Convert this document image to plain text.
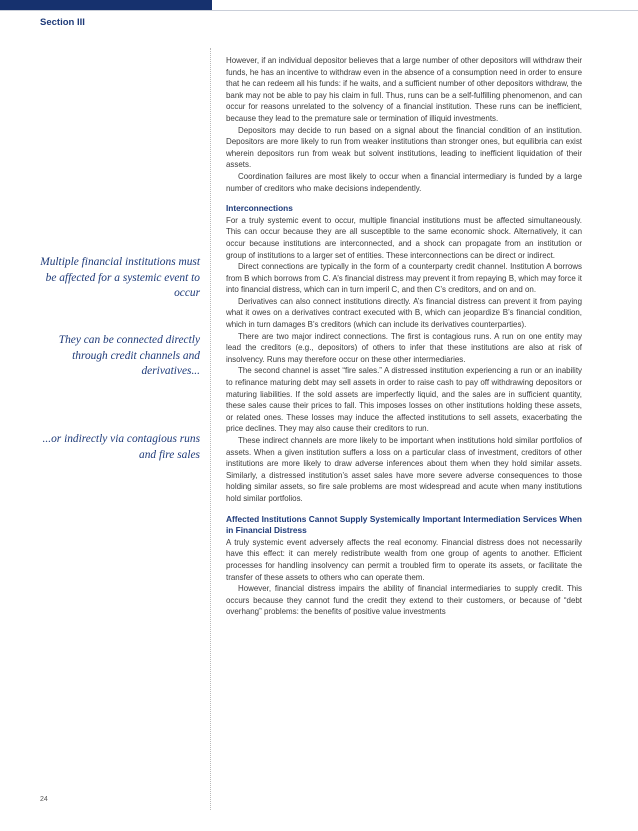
Section III
Multiple financial institutions must be affected for a systemic event to occur
They can be connected directly through credit channels and derivatives...
...or indirectly via contagious runs and fire sales

However, if an individual depositor believes that a large number of other depositors will withdraw their funds, he has an incentive to withdraw even in the absence of a consumption need in order to ensure that he can redeem all his funds: if he waits, and a sufficient number of other depositors withdraw, the bank may not be able to pay his claim in full. Thus, runs can be a self-fulfilling phenomenon, and can occur for reasons unrelated to the solvency of a financial institution. These runs can be inefficient, because they lead to the premature sale or termination of illiquid investments.

Depositors may decide to run based on a signal about the financial condition of an institution. Depositors are more likely to run from weaker institutions than stronger ones, but equilibria can exist wherein depositors run from weak but solvent institutions, leading to inefficient liquidation of their assets.

Coordination failures are most likely to occur when a financial intermediary is funded by a large number of creditors who make decisions independently.

Interconnections

For a truly systemic event to occur, multiple financial institutions must be affected simultaneously. This can occur because they are all susceptible to the same economic shock. Alternatively, it can occur because institutions are interconnected, and a shock can propagate from an institution or group of institutions to a larger set of entities. These interconnections can be direct or indirect.

Direct connections are typically in the form of a counterparty credit channel. Institution A borrows from B which borrows from C. A’s financial distress may prevent it from repaying B, which may force it into financial distress, which can in turn imperil C, and then C’s creditors, and on and on.

Derivatives can also connect institutions directly. A’s financial distress can prevent it from paying what it owes on a derivatives contract executed with B, which can jeopardize B’s financial condition, which in turn damages B’s creditors (which can include its derivatives counterparties).

There are two major indirect connections. The first is contagious runs. A run on one entity may lead the creditors (e.g., depositors) of others to infer that these institutions are also at risk of insolvency. Runs may therefore occur on these other intermediaries.

The second channel is asset “fire sales.” A distressed institution experiencing a run or an inability to refinance maturing debt may sell assets in order to raise cash to pay off withdrawing depositors or maturing liabilities. If the sold assets are imperfectly liquid, and the sales are in sufficient quantity, these sales cause their prices to fall. This imposes losses on other institutions holding these assets, or related ones. These losses may induce the affected institutions to sell assets, exacerbating the price declines. They may also cause their creditors to run.

These indirect channels are more likely to be important when institutions hold similar portfolios of assets. When a given institution suffers a loss on a particular class of investment, creditors of other institutions are more likely to draw adverse inferences about them when they hold similar assets. Similarly, a distressed institution’s asset sales have more severe adverse consequences to those holding similar assets, so fire sale problems are most widespread and acute when many institutions hold similar portfolios.

Affected Institutions Cannot Supply Systemically Important Intermediation Services When in Financial Distress

A truly systemic event adversely affects the real economy. Financial distress does not necessarily have this effect: it can merely redistribute wealth from one group of agents to another. Efficient processes for handling insolvency can permit a troubled firm to operate its assets, or facilitate the transfer of these assets to others who can operate them.

However, financial distress impairs the ability of financial intermediaries to supply credit. This occurs because they cannot fund the credit they extend to their customers, or because of “debt overhang” problems: the benefits of positive value investments

24
